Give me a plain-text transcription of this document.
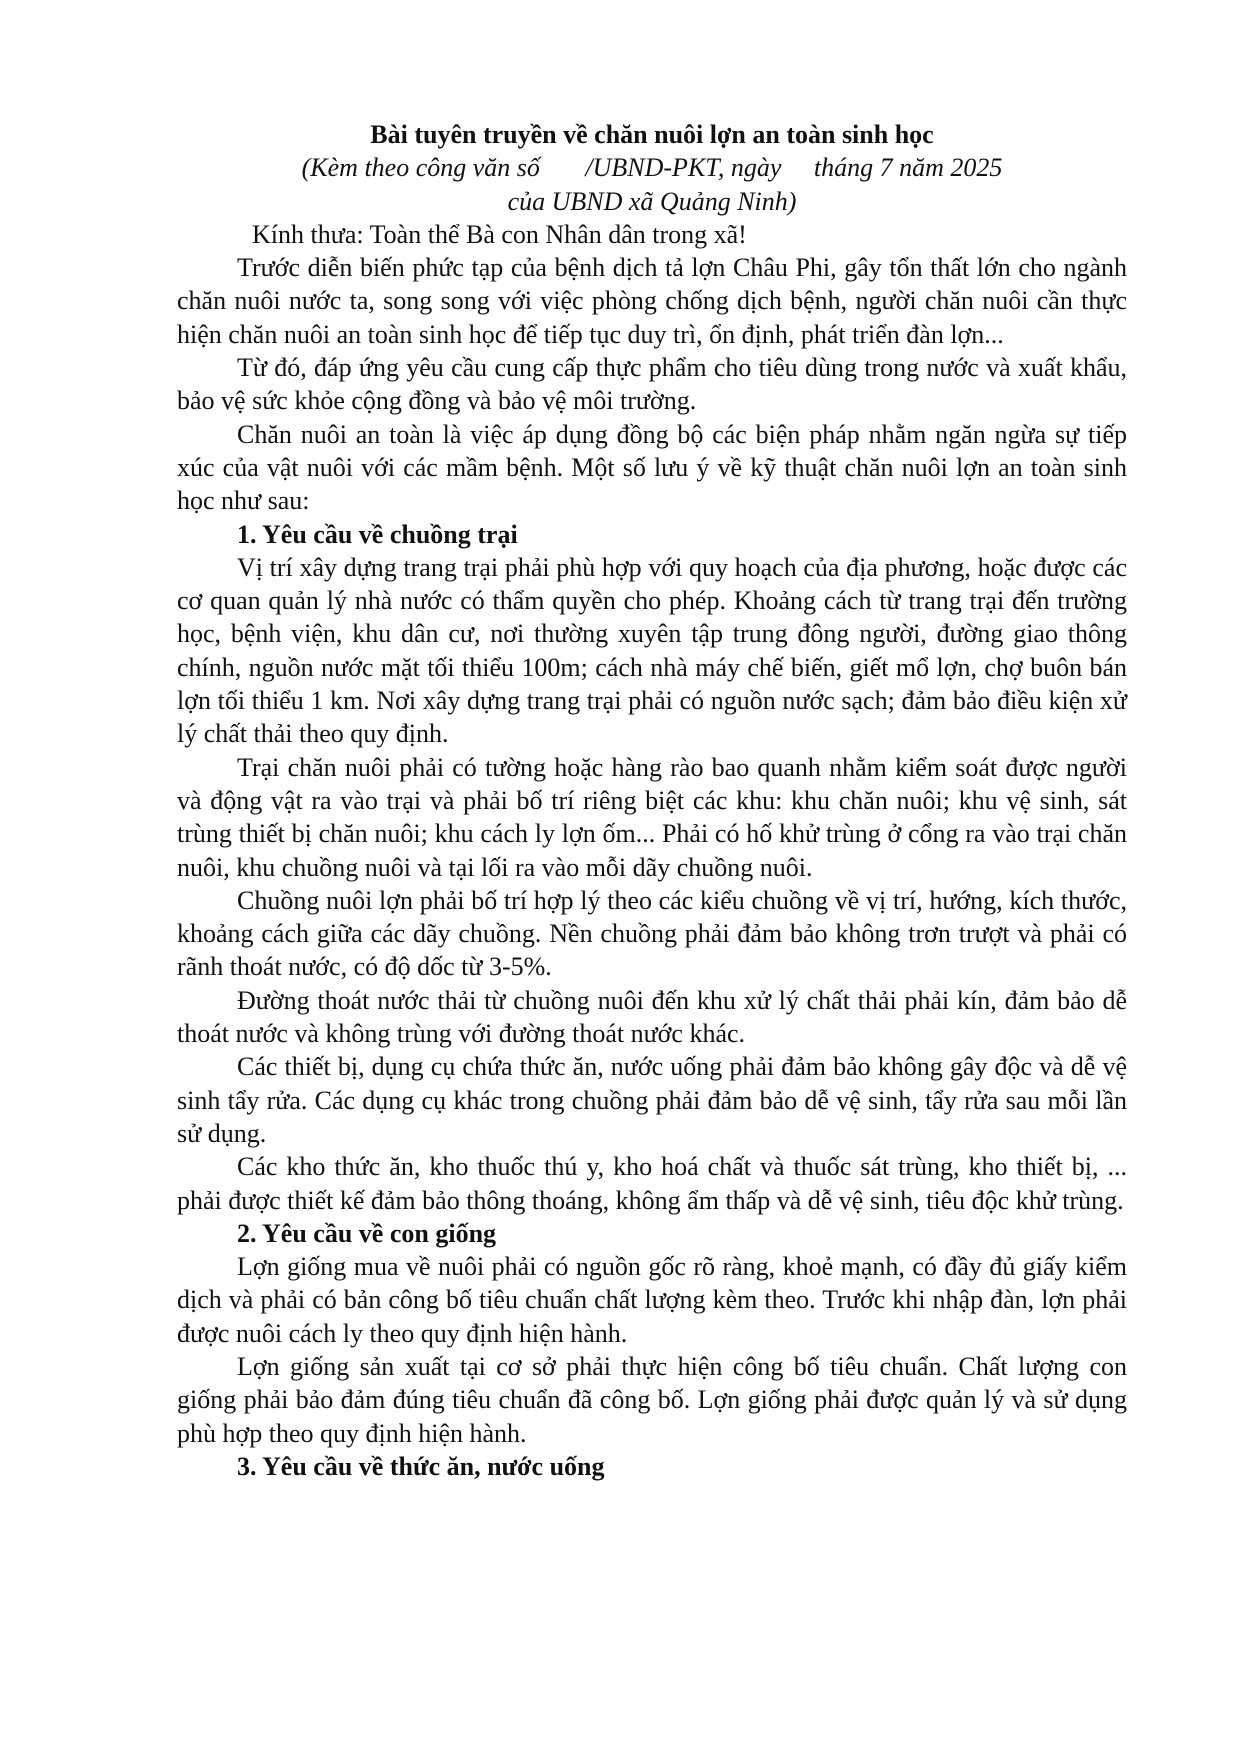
Bài tuyên truyền về chăn nuôi lợn an toàn sinh học
(Kèm theo công văn số       /UBND-PKT, ngày     tháng 7 năm 2025
của UBND xã Quảng Ninh)
Kính thưa: Toàn thể Bà con Nhân dân trong xã!

Trước diễn biến phức tạp của bệnh dịch tả lợn Châu Phi, gây tổn thất lớn cho ngành chăn nuôi nước ta, song song với việc phòng chống dịch bệnh, người chăn nuôi cần thực hiện chăn nuôi an toàn sinh học để tiếp tục duy trì, ổn định, phát triển đàn lợn...

Từ đó, đáp ứng yêu cầu cung cấp thực phẩm cho tiêu dùng trong nước và xuất khẩu, bảo vệ sức khỏe cộng đồng và bảo vệ môi trường.

Chăn nuôi an toàn là việc áp dụng đồng bộ các biện pháp nhằm ngăn ngừa sự tiếp xúc của vật nuôi với các mầm bệnh. Một số lưu ý về kỹ thuật chăn nuôi lợn an toàn sinh học như sau:

1. Yêu cầu về chuồng trại

Vị trí xây dựng trang trại phải phù hợp với quy hoạch của địa phương, hoặc được các cơ quan quản lý nhà nước có thẩm quyền cho phép. Khoảng cách từ trang trại đến trường học, bệnh viện, khu dân cư, nơi thường xuyên tập trung đông người, đường giao thông chính, nguồn nước mặt tối thiểu 100m; cách nhà máy chế biến, giết mổ lợn, chợ buôn bán lợn tối thiểu 1 km. Nơi xây dựng trang trại phải có nguồn nước sạch; đảm bảo điều kiện xử lý chất thải theo quy định.

Trại chăn nuôi phải có tường hoặc hàng rào bao quanh nhằm kiểm soát được người và động vật ra vào trại và phải bố trí riêng biệt các khu: khu chăn nuôi; khu vệ sinh, sát trùng thiết bị chăn nuôi; khu cách ly lợn ốm... Phải có hố khử trùng ở cổng ra vào trại chăn nuôi, khu chuồng nuôi và tại lối ra vào mỗi dãy chuồng nuôi.

Chuồng nuôi lợn phải bố trí hợp lý theo các kiểu chuồng về vị trí, hướng, kích thước, khoảng cách giữa các dãy chuồng. Nền chuồng phải đảm bảo không trơn trượt và phải có rãnh thoát nước, có độ dốc từ 3-5%.

Đường thoát nước thải từ chuồng nuôi đến khu xử lý chất thải phải kín, đảm bảo dễ thoát nước và không trùng với đường thoát nước khác.

Các thiết bị, dụng cụ chứa thức ăn, nước uống phải đảm bảo không gây độc và dễ vệ sinh tẩy rửa. Các dụng cụ khác trong chuồng phải đảm bảo dễ vệ sinh, tẩy rửa sau mỗi lần sử dụng.

Các kho thức ăn, kho thuốc thú y, kho hoá chất và thuốc sát trùng, kho thiết bị, ... phải được thiết kế đảm bảo thông thoáng, không ẩm thấp và dễ vệ sinh, tiêu độc khử trùng.

2. Yêu cầu về con giống

Lợn giống mua về nuôi phải có nguồn gốc rõ ràng, khoẻ mạnh, có đầy đủ giấy kiểm dịch và phải có bản công bố tiêu chuẩn chất lượng kèm theo. Trước khi nhập đàn, lợn phải được nuôi cách ly theo quy định hiện hành.

Lợn giống sản xuất tại cơ sở phải thực hiện công bố tiêu chuẩn. Chất lượng con giống phải bảo đảm đúng tiêu chuẩn đã công bố. Lợn giống phải được quản lý và sử dụng phù hợp theo quy định hiện hành.

3. Yêu cầu về thức ăn, nước uống
